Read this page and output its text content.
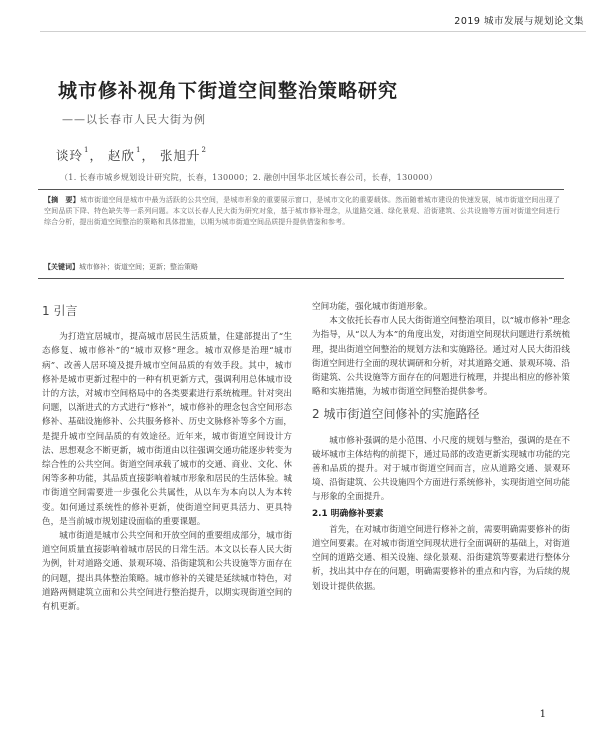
2019 城市发展与规划论文集
城市修补视角下街道空间整治策略研究
——以长春市人民大街为例
谈玲$^1$， 赵欣$^1$， 张旭升$^2$
（1. 长春市城乡规划设计研究院，长春，130000；2. 融创中国华北区域长春公司，长春，130000）
【摘　要】城市街道空间是城市中最为活跃的公共空间，是城市形象的重要展示窗口，是城市文化的重要载体。然而随着城市建设的快速发展，城市街道空间出现了空间品质下降、特色缺失等一系列问题。本文以长春人民大街为研究对象，基于城市修补理念，从道路交通、绿化景观、沿街建筑、公共设施等方面对街道空间进行综合分析，提出街道空间整治的策略和具体措施，以期为城市街道空间品质提升提供借鉴和参考。
【关键词】城市修补；街道空间；更新；整治策略
1 引言

为打造宜居城市，提高城市居民生活质量，住建部提出了“生态修复、城市修补”的“城市双修”理念。城市双修是治理“城市病”、改善人居环境及提升城市空间品质的有效手段。其中，城市修补是城市更新过程中的一种有机更新方式，强调利用总体城市设计的方法，对城市空间格局中的各类要素进行系统梳理。针对突出问题，以渐进式的方式进行“修补”，城市修补的理念包含空间形态修补、基础设施修补、公共服务修补、历史文脉修补等多个方面，是提升城市空间品质的有效途径。近年来，城市街道空间设计方法、思想观念不断更新，城市街道由以往强调交通功能逐步转变为综合性的公共空间。街道空间承载了城市的交通、商业、文化、休闲等多种功能，其品质直接影响着城市形象和居民的生活体验。城市街道空间需要进一步强化公共属性，从以车为本向以人为本转变。如何通过系统性的修补更新，使街道空间更具活力、更具特色，是当前城市规划建设面临的重要课题。

城市街道是城市公共空间和开放空间的重要组成部分，城市街道空间质量直接影响着城市居民的日常生活。本文以长春人民大街为例，针对道路交通、景观环境、沿街建筑和公共设施等方面存在的问题，提出具体整治策略。城市修补的关键是延续城市特色，对道路两侧建筑立面和公共空间进行整治提升，以期实现街道空间的有机更新。

空间功能，强化城市街道形象。

本文依托长春市人民大街街道空间整治项目，以“城市修补”理念为指导，从“以人为本”的角度出发，对街道空间现状问题进行系统梳理，提出街道空间整治的规划方法和实施路径。通过对人民大街沿线街道空间进行全面的现状调研和分析，对其道路交通、景观环境、沿街建筑、公共设施等方面存在的问题进行梳理，并提出相应的修补策略和实施措施，为城市街道空间整治提供参考。

2 城市街道空间修补的实施路径

城市修补强调的是小范围、小尺度的规划与整治，强调的是在不破坏城市主体结构的前提下，通过局部的改造更新实现城市功能的完善和品质的提升。对于城市街道空间而言，应从道路交通、景观环境、沿街建筑、公共设施四个方面进行系统修补，实现街道空间功能与形象的全面提升。

2.1 明确修补要素

首先，在对城市街道空间进行修补之前，需要明确需要修补的街道空间要素。在对城市街道空间现状进行全面调研的基础上，对街道空间的道路交通、相关设施、绿化景观、沿街建筑等要素进行整体分析，找出其中存在的问题，明确需要修补的重点和内容，为后续的规划设计提供依据。

1
